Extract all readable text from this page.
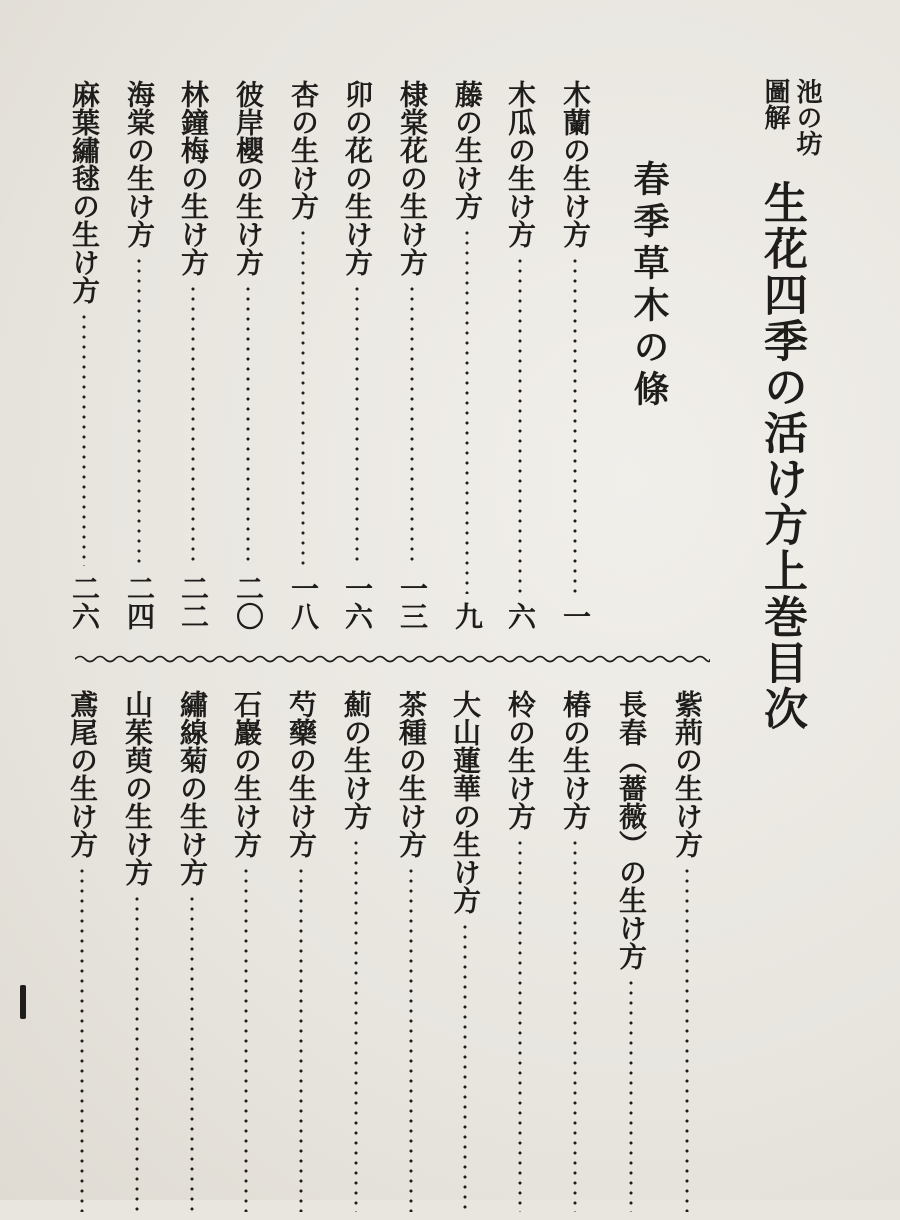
池の坊
圖解
生花四季の活け方上巻目次
春季草木の條
木蘭の生け方
一
木瓜の生け方
六
藤の生け方
九
棣棠花の生け方
一三
卯の花の生け方
一六
杏の生け方
一八
彼岸櫻の生け方
二〇
林鐘梅の生け方
二二
海棠の生け方
二四
麻葉繡毬の生け方
二六
紫荊の生け方
長春（薔薇）の生け方
椿の生け方
柃の生け方
大山蓮華の生け方
茶種の生け方
薊の生け方
芍藥の生け方
石巖の生け方
繡線菊の生け方
山茱萸の生け方
鳶尾の生け方
